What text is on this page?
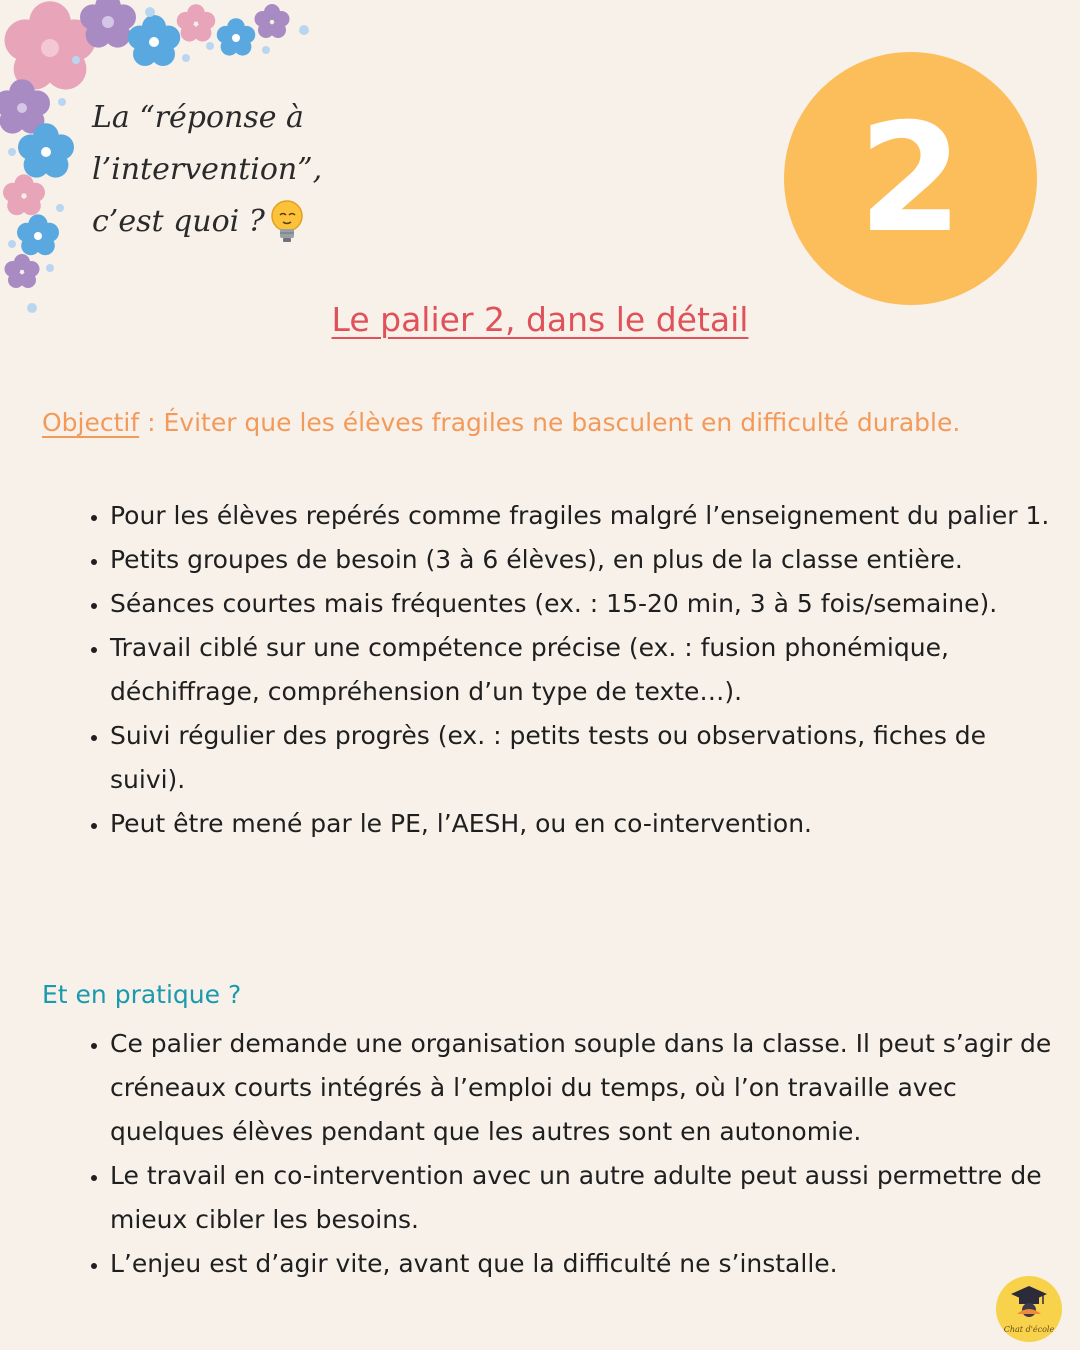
La “réponse à
l’intervention”,
c’est quoi ?	2
Le palier 2, dans le détail
Objectif : Éviter que les élèves fragiles ne basculent en difficulté durable.
• Pour les élèves repérés comme fragiles malgré l’enseignement du palier 1.
• Petits groupes de besoin (3 à 6 élèves), en plus de la classe entière.
• Séances courtes mais fréquentes (ex. : 15-20 min, 3 à 5 fois/semaine).
• Travail ciblé sur une compétence précise (ex. : fusion phonémique, déchiffrage, compréhension d’un type de texte…).
• Suivi régulier des progrès (ex. : petits tests ou observations, fiches de suivi).
• Peut être mené par le PE, l’AESH, ou en co-intervention.
Et en pratique ?
• Ce palier demande une organisation souple dans la classe. Il peut s’agir de créneaux courts intégrés à l’emploi du temps, où l’on travaille avec quelques élèves pendant que les autres sont en autonomie.
• Le travail en co-intervention avec un autre adulte peut aussi permettre de mieux cibler les besoins.
• L’enjeu est d’agir vite, avant que la difficulté ne s’installe.
Chat d'école
